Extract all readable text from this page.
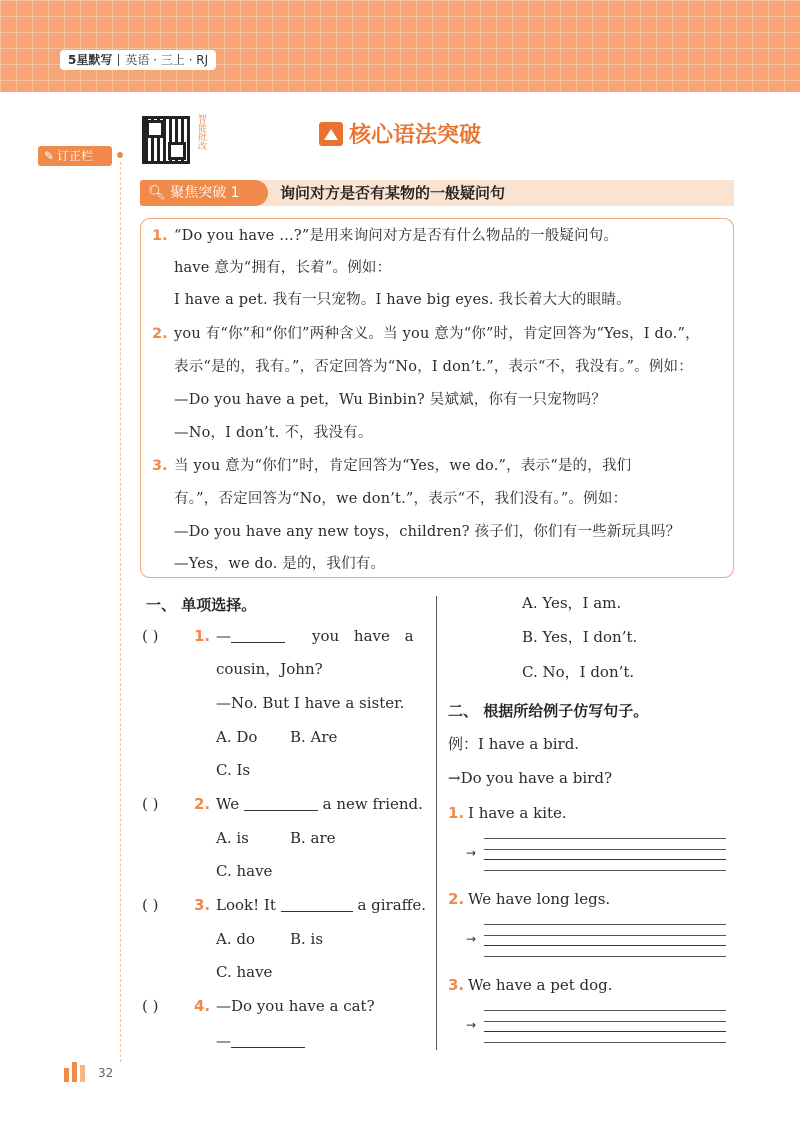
5星默写 英语 · 三上 · RJ
智能批改
✎ 订正栏
核心语法突破
🔍︎ 聚焦突破 1	询问对方是否有某物的一般疑问句
1. “Do you have …?”是用来询问对方是否有什么物品的一般疑问句。
have 意为“拥有，长着”。例如：
I have a pet. 我有一只宠物。I have big eyes. 我长着大大的眼睛。
2. you 有“你”和“你们”两种含义。当 you 意为“你”时，肯定回答为“Yes，I do.”，
表示“是的，我有。”，否定回答为“No，I don’t.”，表示“不，我没有。”。例如：
—Do you have a pet，Wu Binbin? 吴斌斌，你有一只宠物吗？
—No，I don’t. 不，我没有。
3. 当 you 意为“你们”时，肯定回答为“Yes，we do.”，表示“是的，我们
有。”，否定回答为“No，we don’t.”，表示“不，我们没有。”。例如：
—Do you have any new toys，children? 孩子们，你们有一些新玩具吗？
—Yes，we do. 是的，我们有。
一、 单项选择。
( ) 1. —	you have a
cousin，John?
—No. But I have a sister.
A. Do B. Are
C. Is
( ) 2. We	a new friend.
A. is	B. are
C. have
( ) 3. Look! It	a giraffe.
A. do B. is
C. have
( ) 4. —Do you have a cat?
—
A. Yes，I am.
B. Yes，I don’t.
C. No，I don’t.
二、 根据所给例子仿写句子。
例：I have a bird.
→Do you have a bird?
1. I have a kite.
→
2. We have long legs.
→
3. We have a pet dog.
→
32
